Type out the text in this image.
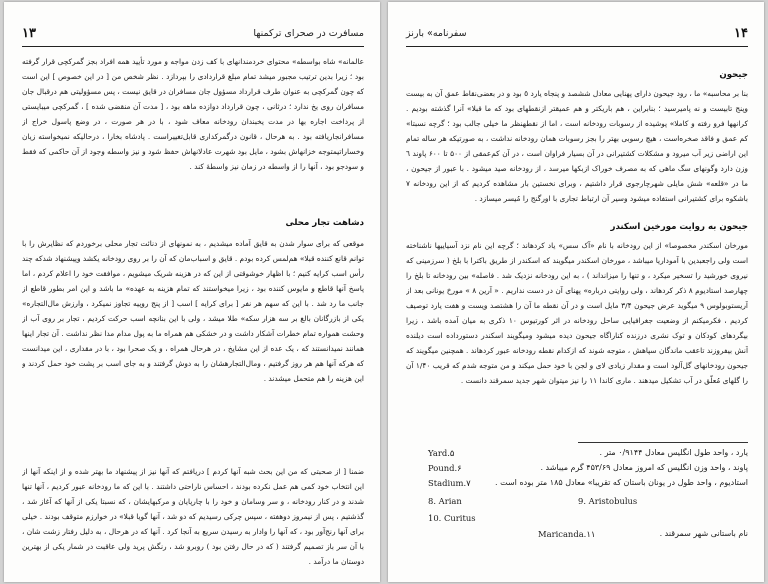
۱۳	مسافرت در صحرای ترکمنها

عالمانه» شاه بواسطه» محتوای خردمندانهای با کف زدن مواجه و مورد تأیید همه افراد بجز گمرکچی قرار گرفته بود ؛ زیرا بدین ترتیب مجبور میشد تمام مبلغ قراردادی را بپردازد . نظر شخص من [ در این خصوص ] این است که چون گمرکچی به عنوان طرف قرارداد مسؤول جان مسافران در قایق نیست ، پس مسؤولیتی هم درقبال جان مسافران روی یخ ندارد ؛ درثانی ، چون قرارداد دوازده ماهه بود ، [ مدت آن منقضی شده ] ، گمرکچی میبایستی از پرداخت اجاره بها در مدت یخبندان رودخانه معاف شود ، با در هر صورت ، در وضع پاسول خراج از مسافرانجاریافته بود . به هرحال ، قانون درگمرکداری قابل‌تغییراست . پادشاه بخارا ، درحالیکه نمیخواسته زیان وخساراتیمتوجه خزانهاش بشود ، مایل بود شهرت عادلانهاش حفظ شود و نیز واسطه وجود از آن حاکمی که فقط و سودجو بود ، آنها را از واسطه در زمان نیز واسطهٔ کند .

دشاهت تجار محلی

موقعی که برای سوار شدن به قایق آماده میشدیم ، به نمونهای از دنائت تجار محلی برخوردم که نظایرش را با توانم قانع کننده قبلا» هم‌لمس کرده بودم . قایق و اسباب‌مان که آن را بر روی رودخانه یکشد وپیشنهاد شدکه چند رأس اسب کرایه کنیم ؛ با اظهار خوشوقتی از این که در هزینه شریک میشویم ، موافقت خود را اعلام کردم ، اما پاسخ آنها قاطع و مایوس کننده بود ، زیرا میخواستند که تمام هزینه به عهده» ما باشد و این امر بطور قاطع از جانب ما رد شد . با این که سهم هر نفر [ برای کرایه ] اسب [ از پنج روپیه تجاوز نمیکرد ، وارزش مال‌التجاره» یکی از بازرگانان بالغ بر سه هزار سکه» طلا میشد ، ولی با این بنانچه اسب حرکت کردیم ، تجار بر روی آب از وحشت همواره تمام خطرات آشکار داشت و در خشکی هم همراه ما به پول مدام مدا نظر نداشت . آن تجار اینها همانند نمیدانستند که ، یک عده از این مشایخ ، در هرحال همراه ، و یک صحرا بود ، با در مقداری ، این میدانست که هرکه آنها هم هر روز گرفتیم ، ومال‌التجارهشان را به دوش گرفتند و به جای اسب بر پشت خود حمل کردند و این هزینه را هم متحمل میشدند .

ضمنا [ از صحبتی که من این بحث شبه آنها کردم ] دریافتم که آنها نیز از پیشنهاد ما بهتر شده و از اینکه آنها از این انتخاب خود کمی هم عمل نکرده بودند ، احساس ناراحتی داشتند . با این که ما رودخانه عبور کردیم ، آنها تنها شدند و در کنار رودخانه ، و سر وسامان و خود را با چارپایان و مرکبهایشان ، که نسبتا یکی از آنها که آغاز شد ، گذشتیم ، پس از نیمروز دوهفته ، سپس چرکی رسیدیم که دو شد ، آنها گویا قبلا» در خوارزم متوقف بودند . خیلی برای آنها رنج‌آور بود ، که آنها را وادار به رسیدن سریع به آنجا کرد . آنها که در هرحال ، به دلیل رفتار زشت شان ، با آن سر باز تصمیم گرفتند ( که در حال رفتن بود ) روبرو شد ، رنگش پرید ولی عاقبت در شمار یکی از بهترین دوستان ما درآمد .

سفرنامه» بارنز	۱۴
جیحون

بنا بر محاسبه» ما ، رود جیحون دارای پهنایی معادل ششصد و پنجاه یارد ٥ بود و در بعضی‌نقاط عمق آن به بیست وپنج تابیست و نه پامیرسید ؛ بنابراین ، هم باریکتر و هم عمیقتر ازنقطهای بود که ما قبلا» آنرا گذشته بودیم . کرانهها فرو رفته و کاملا» پوشیده از رسوبات رودخانه است ، اما از نقطهنظر ما خیلی جالب بود ؛ گرچه نسبتا» کم عمق و فاقد صخره‌است ، هیچ رسوبی بهتر را بجز رسوبات همان رودخانه نداشت ، به صورتیکه هر ساله تمام این اراضی زیر آب میرود و مشکلات کشتیرانی در آن بسیار فراوان است ، در آن کم‌عمقی از ۵۰۰ تا ۶۰۰ پاوند ٦ وزن دارد وگونهای سگ ماهی که به مصرف خوراک ازبکها میرسد ، از رودخانه صید میشود . با عبور از جیحون ، ما در «قلعه» شش مایلی شهرچارجوی قرار داشتیم ، وبرای نخستین بار مشاهده کردیم که از این رودخانه ٧ باشکوه برای کشتیرانی استفاده میشود وسیر آن ارتباط تجاری با اورگنج را مُیسر میسازد .

جیحون به روایت مورخین اسکندر

مورخان اسکندر مخصوصا» از این رودخانه با نام «آک سس» یاد کردهاند ؛ گرچه این نام نزد آسیاییها ناشناخته است ولی راجعبدین با آموداریا میباشد ، مورخان اسکندر میگویند که اسکندر از طریق باکترا با بلخ ( سرزمینی که نیروی خورشید را تسخیر میکرد ، و تنها را میزانداند ) ، به این رودخانه نزدیک شد . فاصله» بین رودخانه تا بلخ را چهارصد استادیوم ٨ ذکر کردهاند ، ولی روایتی درباره» پهنای آن در دست نداریم . « آرین ٨ » مورخ یونانی بعد از آریستوبولوس ٩ میگوید عرض جیحون ۳/۴ مایل است و در آن نقطه ما آن را هشتصد ویست و هفت یارد توصیف کردیم ، فکرمیکنم از وضعیت جغرافیایی ساحل رودخانه در اثر کورتیوس ١٠ ذکری به میان آمده باشد ، زیرا بیگردهای کودکان و توک نشری درزنده کناراگاه جیحون دیده میشود ومیگویند اسکندر دستورداده است دیلنده آنش بیفروزند تاعقب ماندگان سپاهش ، متوجه شوند که ازکدام نقطه رودخانه عبور کردهاند . همچنین میگویند که جیحون رودخانهای گل‌آلود است و مقدار زیادی لای و لجن با خود حمل میکند و من متوجه شدم که قریب ۱/۴۰ آن را گلهای مُعلّق در آب تشکیل میدهند . ماری کاندا ١١ را نیز میتوان شهر جدید سمرقند دانست .

یارد ، واحد طول انگلیس معادل ۰/۹۱۴۴ متر .
Yard.۵
پاوند ، واحد وزن انگلیس که امروز معادل ۴۵۳/۶۹ گرم میباشد .
Pound.۶
استادیوم ، واحد طول در یونان باستان که تقریبا» معادل ۱۸۵ متر بوده است .
Stadium.۷
8. Arian	9. Aristobulus
10. Curitus
نام باستانی شهر سمرقند .
Maricanda.۱۱
